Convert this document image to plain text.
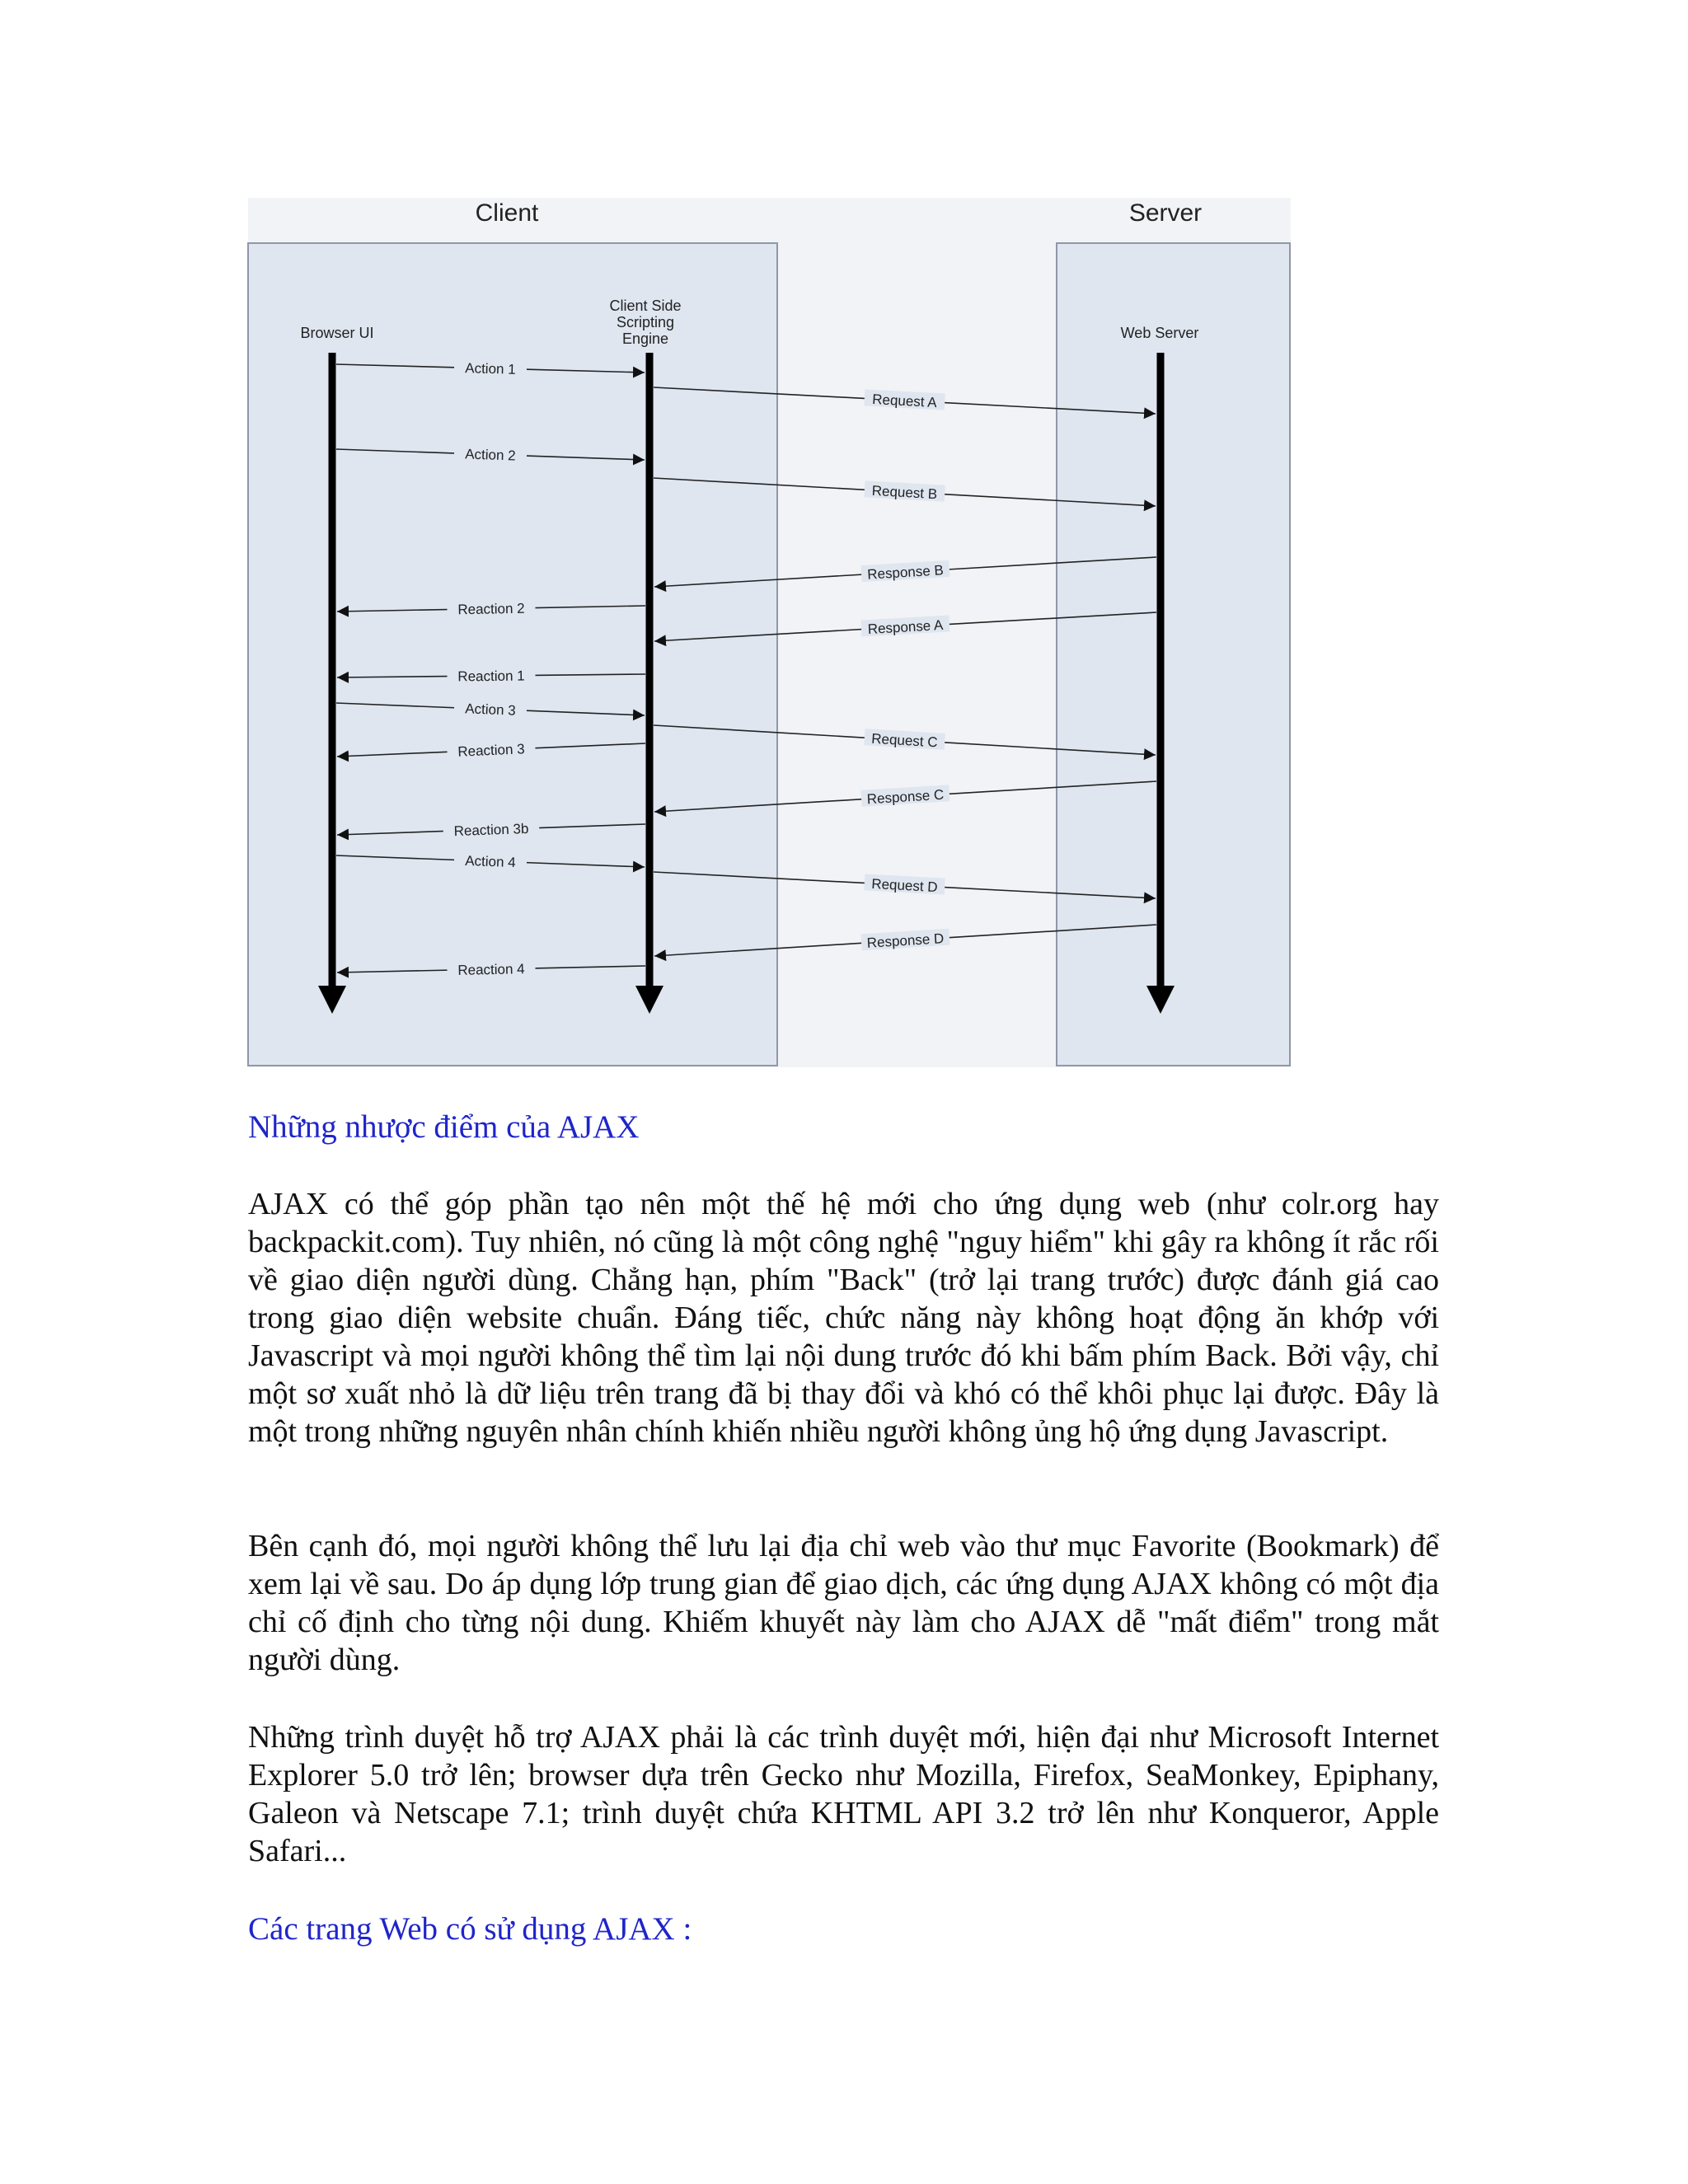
Client	Server
Browser UI
Client Side
Scripting
Engine	Web Server
Action 1
Request A
Action 2
Request B
Response B
Reaction 2
Response A
Reaction 1
Action 3
Request C
Reaction 3
Response C
Reaction 3b
Action 4
Request D
Response D
Reaction 4
Những nhược điểm của AJAX

AJAX có thể góp phần tạo nên một thế hệ mới cho ứng dụng web (như colr.org hay backpackit.com). Tuy nhiên, nó cũng là một công nghệ "nguy hiểm" khi gây ra không ít rắc rối về giao diện người dùng. Chẳng hạn, phím "Back" (trở lại trang trước) được đánh giá cao trong giao diện website chuẩn. Đáng tiếc, chức năng này không hoạt động ăn khớp với Javascript và mọi người không thể tìm lại nội dung trước đó khi bấm phím Back. Bởi vậy, chỉ một sơ xuất nhỏ là dữ liệu trên trang đã bị thay đổi và khó có thể khôi phục lại được. Đây là một trong những nguyên nhân chính khiến nhiều người không ủng hộ ứng dụng Javascript.

Bên cạnh đó, mọi người không thể lưu lại địa chỉ web vào thư mục Favorite (Bookmark) để xem lại về sau. Do áp dụng lớp trung gian để giao dịch, các ứng dụng AJAX không có một địa chỉ cố định cho từng nội dung. Khiếm khuyết này làm cho AJAX dễ "mất điểm" trong mắt người dùng.

Những trình duyệt hỗ trợ AJAX phải là các trình duyệt mới, hiện đại như Microsoft Internet Explorer 5.0 trở lên; browser dựa trên Gecko như Mozilla, Firefox, SeaMonkey, Epiphany, Galeon và Netscape 7.1; trình duyệt chứa KHTML API 3.2 trở lên như Konqueror, Apple Safari...

Các trang Web có sử dụng AJAX :
